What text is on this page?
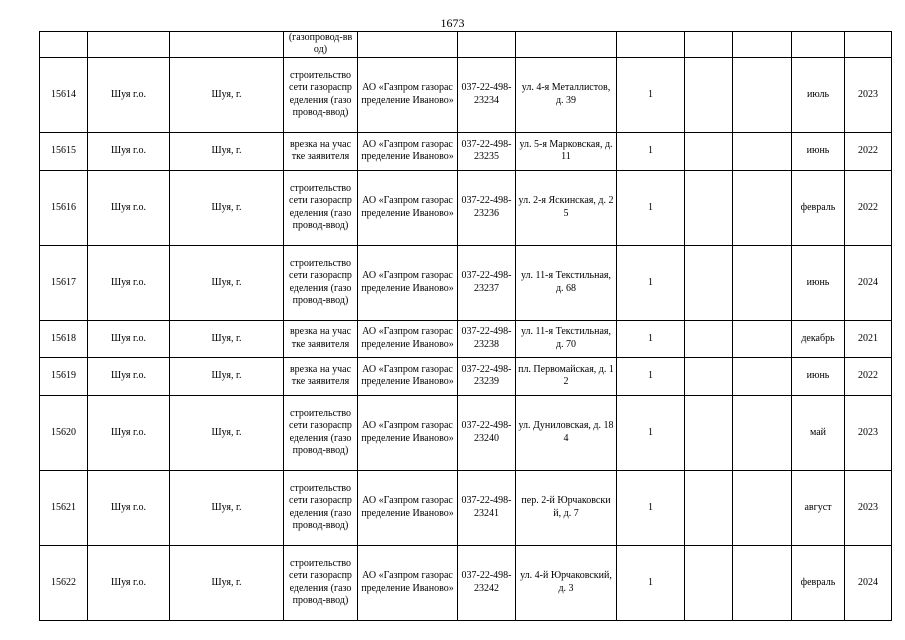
1673

			(газопровод-ввод)								

15614	Шуя г.о.	Шуя, г.	строительство сети газораспределения (газопровод-ввод)	АО «Газпром газораспределение Иваново»	037-22-498-23234	ул. 4-я Металлистов, д. 39	1			июль	2023
15615	Шуя г.о.	Шуя, г.	врезка на участке заявителя	АО «Газпром газораспределение Иваново»	037-22-498-23235	ул. 5-я Марковская, д. 11	1			июнь	2022
15616	Шуя г.о.	Шуя, г.	строительство сети газораспределения (газопровод-ввод)	АО «Газпром газораспределение Иваново»	037-22-498-23236	ул. 2-я Яскинская, д. 25	1			февраль	2022
15617	Шуя г.о.	Шуя, г.	строительство сети газораспределения (газопровод-ввод)	АО «Газпром газораспределение Иваново»	037-22-498-23237	ул. 11-я Текстильная, д. 68	1			июнь	2024
15618	Шуя г.о.	Шуя, г.	врезка на участке заявителя	АО «Газпром газораспределение Иваново»	037-22-498-23238	ул. 11-я Текстильная, д. 70	1			декабрь	2021
15619	Шуя г.о.	Шуя, г.	врезка на участке заявителя	АО «Газпром газораспределение Иваново»	037-22-498-23239	пл. Первомайская, д. 12	1			июнь	2022
15620	Шуя г.о.	Шуя, г.	строительство сети газораспределения (газопровод-ввод)	АО «Газпром газораспределение Иваново»	037-22-498-23240	ул. Дуниловская, д. 184	1			май	2023
15621	Шуя г.о.	Шуя, г.	строительство сети газораспределения (газопровод-ввод)	АО «Газпром газораспределение Иваново»	037-22-498-23241	пер. 2-й Юрчаковский, д. 7	1			август	2023
15622	Шуя г.о.	Шуя, г.	строительство сети газораспределения (газопровод-ввод)	АО «Газпром газораспределение Иваново»	037-22-498-23242	ул. 4-й Юрчаковский, д. 3	1			февраль	2024
